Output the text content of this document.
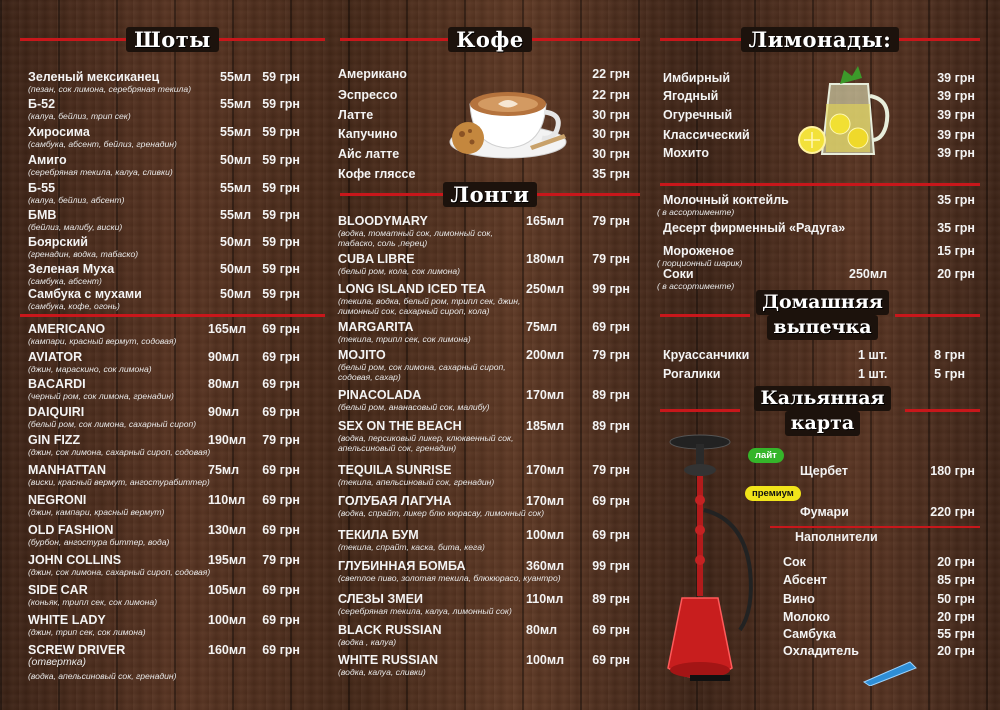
Шоты
Зеленый мексиканец	55мл 59 грн
(пезан, сок лимона, серебряная текила)
Б-52	55мл 59 грн
(калуа, бейлиз, трип сек)
Хиросима	55мл 59 грн
(самбука, абсент, бейлиз, гренадин)
Амиго	50мл 59 грн
(серебряная текила, калуа, сливки)
Б-55	55мл 59 грн
(калуа, бейлиз, абсент)
БМВ	55мл 59 грн
(бейлиз, малибу, виски)
Боярский	50мл 59 грн
(гренадин, водка, табаско)
Зеленая Муха	50мл 59 грн
(самбука, абсент)
Самбука с мухами	50мл 59 грн
(самбука, кофе, огонь)
AMERICANO	165мл 69 грн
(кампари, красный вермут, содовая)
AVIATOR	90мл 69 грн
(джин, мараскино, сок лимона)
BACARDI	80мл 69 грн
(черный ром, сок лимона, гренадин)
DAIQUIRI	90мл 69 грн
(белый ром, сок лимона, сахарный сироп)
GIN FIZZ	190мл 79 грн
(джин, сок лимона, сахарный сироп, содовая)
MANHATTAN	75мл 69 грн
(виски, красный вермут, ангостурабиттер)
NEGRONI	110мл 69 грн
(джин, кампари, красный вермут)
OLD FASHION	130мл 69 грн
(бурбон, ангостура биттер, вода)
JOHN COLLINS	195мл 79 грн
(джин, сок лимона, сахарный сироп, содовая)
SIDE CAR	105мл 69 грн
(коньяк, трипл сек, сок лимона)
WHITE LADY	100мл 69 грн
(джин, трип сек, сок лимона)
SCREW DRIVER	160мл 69 грн
(отвертка)
(водка, апельсиновый сок, гренадин)
Кофе
Американо	22 грн
Эспрессо	22 грн
Латте	30 грн
Капучино	30 грн
Айс латте	30 грн
Кофе гляссе	35 грн
Лонги
BLOODYMARY	165мл 79 грн
(водка, томатный сок, лимонный сок,
табаско, соль ,перец)
CUBA LIBRE	180мл 79 грн
(белый ром, кола, сок лимона)
LONG ISLAND ICED TEA	250мл 99 грн
(текила, водка, белый ром, трипл сек, джин,
лимонный сок, сахарный сироп, кола)
MARGARITA	75мл	69 грн
(текила, трипл сек, сок лимона)
MOJITO	200мл 79 грн
(белый ром, сок лимона, сахарный сироп,
содовая, сахар)
PINACOLADA	170мл 89 грн
(белый ром, ананасовый сок, малибу)
SEX ON THE BEACH	185мл 89 грн
(водка, персиковый ликер, клюквенный сок,
апельсиновый сок, гренадин)
TEQUILA SUNRISE	170мл 79 грн
(текила, апельсиновый сок, гренадин)
ГОЛУБАЯ ЛАГУНА	170мл 69 грн
(водка, спрайт, ликер блю кюрасау, лимонный сок)
ТЕКИЛА БУМ	100мл 69 грн
(текила, спрайт, каска, бита, кега)
ГЛУБИННАЯ БОМБА	360мл 99 грн
(светлое пиво, золотая текила, блюкюрасо, куантро)
СЛЕЗЫ ЗМЕИ	110мл 89 грн
(серебряная текила, калуа, лимонный сок)
BLACK RUSSIAN	80мл	69 грн
(водка , калуа)
WHITE RUSSIAN	100мл 69 грн
(водка, калуа, сливки)
Лимонады:
Имбирный	39 грн
Ягодный	39 грн
Огуречный	39 грн
Классический	39 грн
Мохито	39 грн
Молочный коктейль	35 грн
( в ассортименте)
Десерт фирменный «Радуга»	35 грн
Мороженое	15 грн
( порционный шарик)
Соки	250мл	20 грн
( в ассортименте)
Домашняя
выпечка
Круассанчики	1 шт.	8 грн
Рогалики	1 шт.	5 грн
Кальянная
карта
лайт
Щербет	180 грн
премиум
Фумари	220 грн
Наполнители
Сок	20 грн
Абсент	85 грн
Вино	50 грн
Молоко	20 грн
Самбука	55 грн
Охладитель	20 грн
